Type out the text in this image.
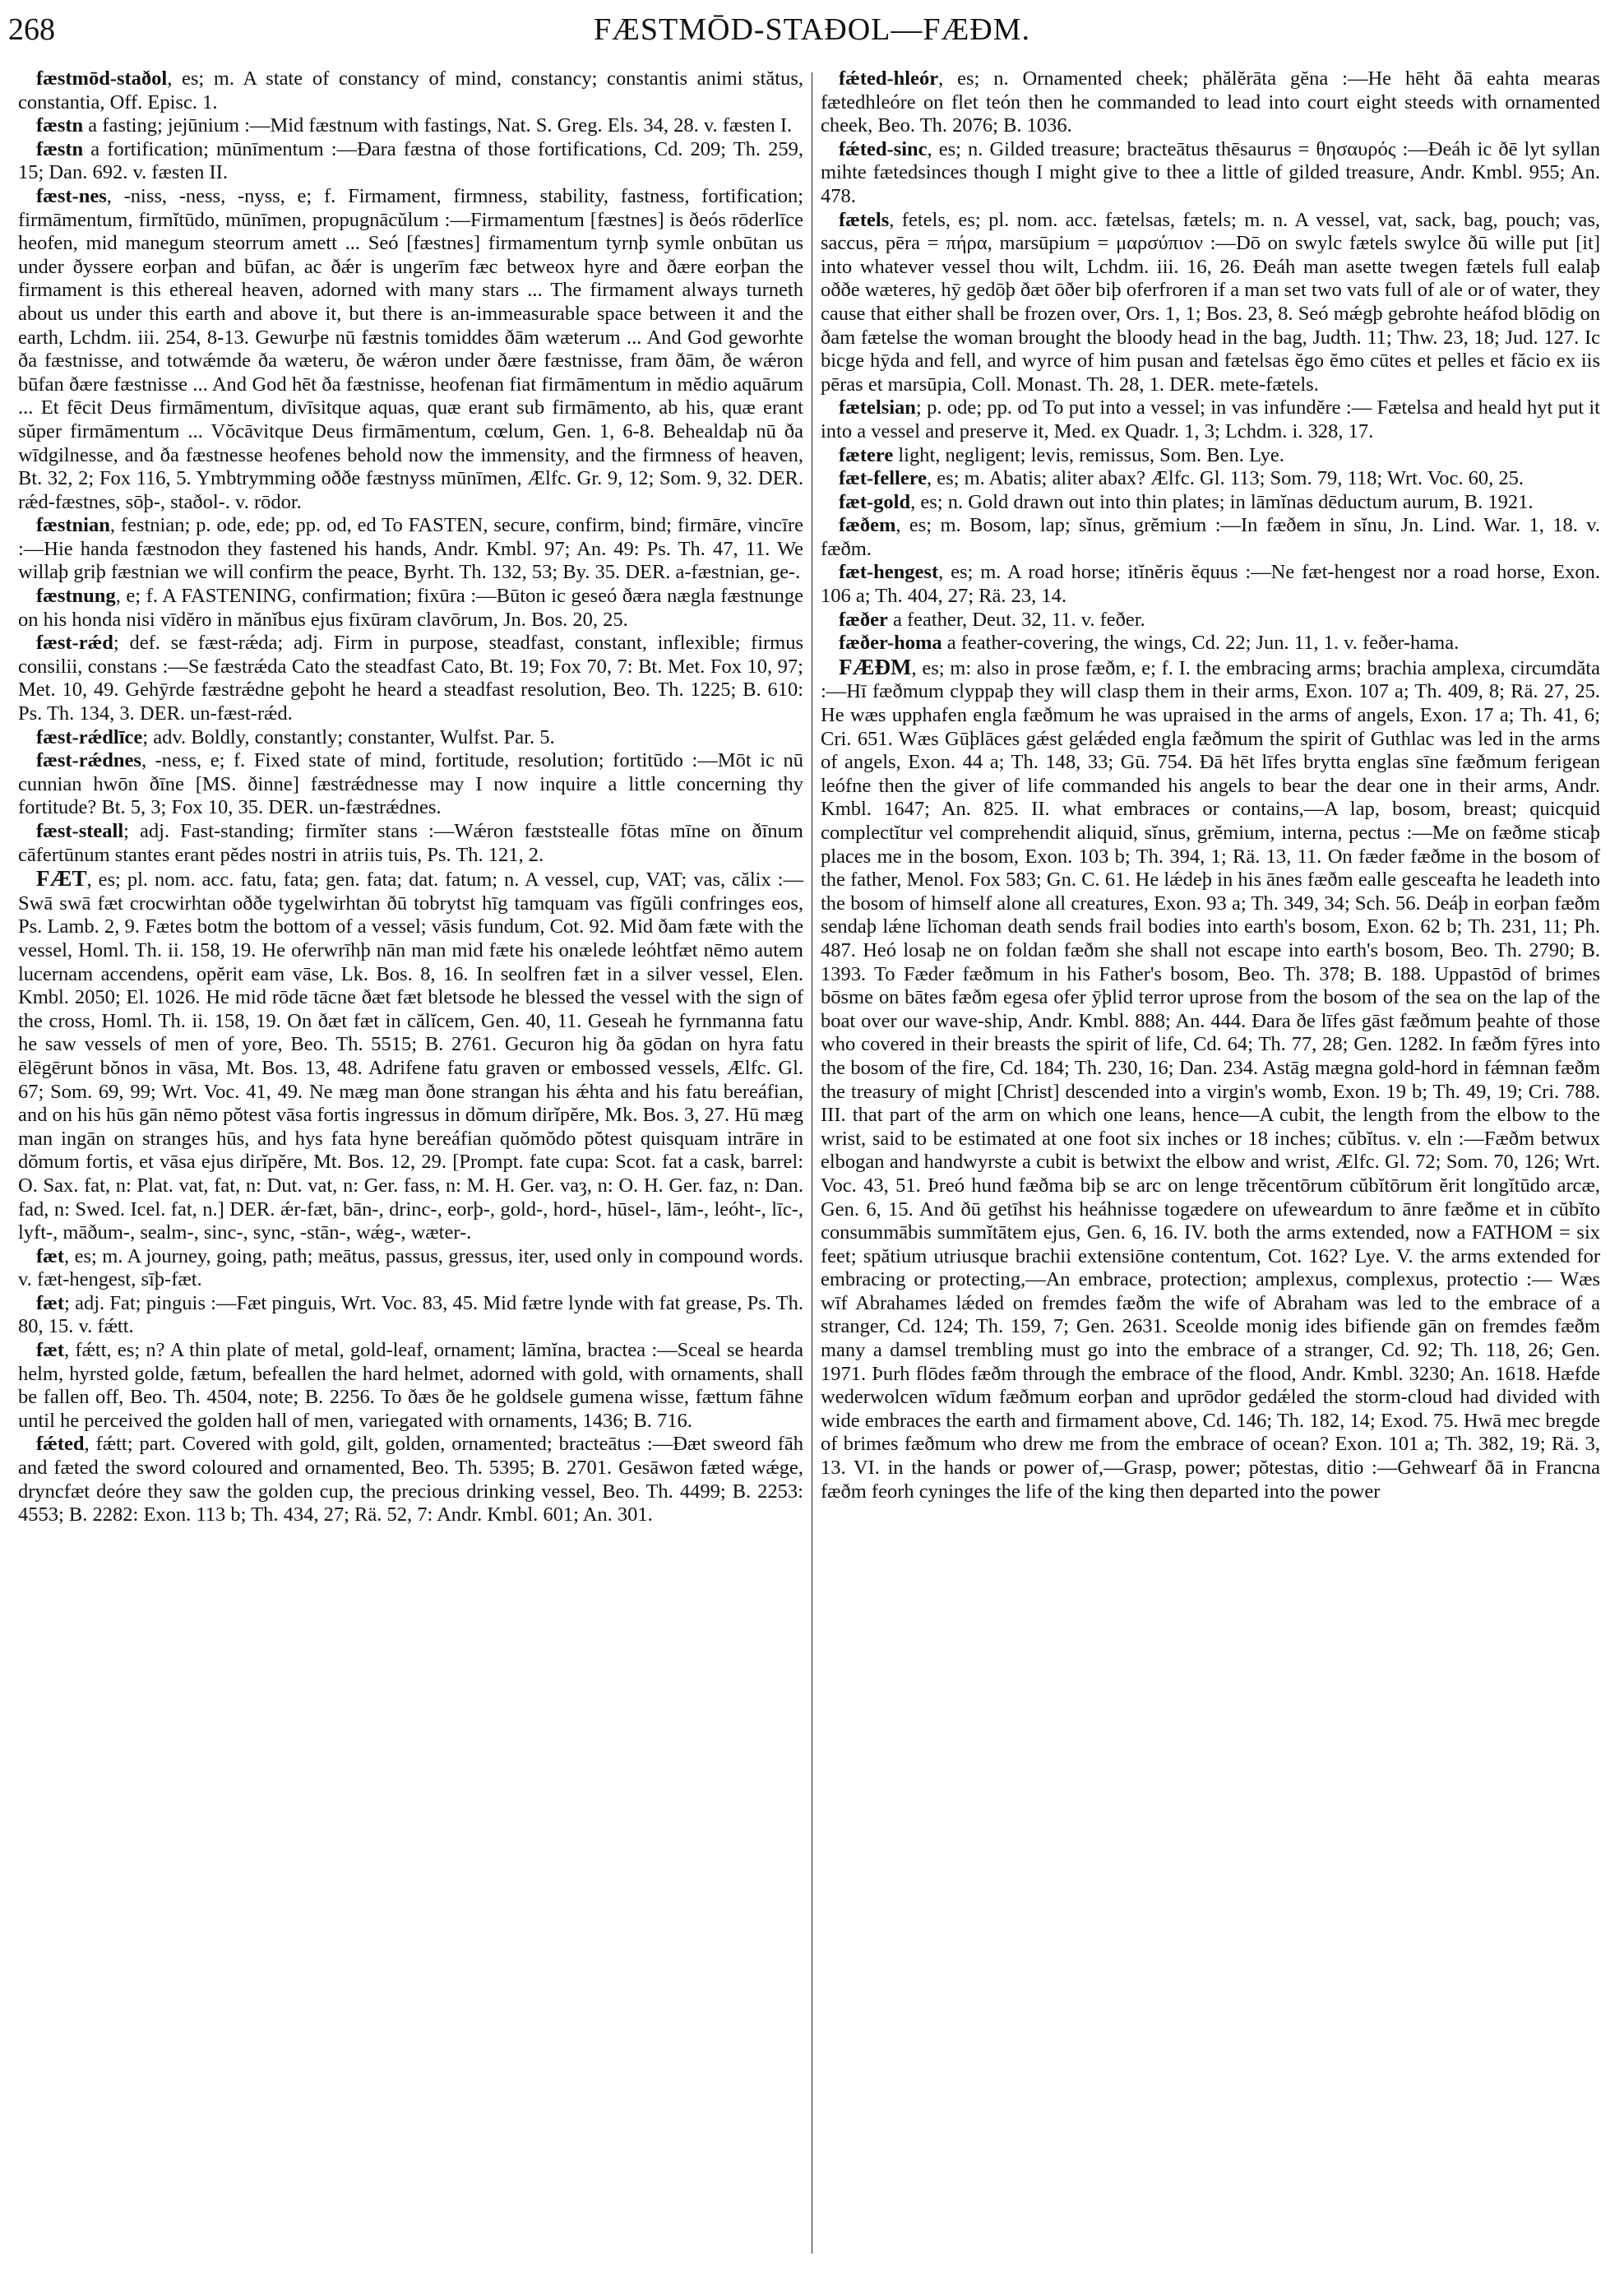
268	FÆSTMŌD-STAĐOL—FÆĐM.

fæstmōd-staðol, es; m. A state of constancy of mind, constancy; constantis animi stătus, constantia, Off. Episc. 1.

fæstn a fasting; jejūnium :—Mid fæstnum with fastings, Nat. S. Greg. Els. 34, 28. v. fæsten I.

fæstn a fortification; mūnīmentum :—Ðara fæstna of those fortifications, Cd. 209; Th. 259, 15; Dan. 692. v. fæsten II.

fæst-nes, -niss, -ness, -nyss, e; f. Firmament, firmness, stability, fastness, fortification; firmāmentum, firmĭtūdo, mūnīmen, propugnācŭlum :—Firmamentum [fæstnes] is ðeós rōderlīce heofen, mid manegum steorrum amett ... Seó [fæstnes] firmamentum tyrnþ symle onbūtan us under ðyssere eorþan and būfan, ac ðǽr is ungerīm fæc betweox hyre and ðære eorþan the firmament is this ethereal heaven, adorned with many stars ... The firmament always turneth about us under this earth and above it, but there is an-immeasurable space between it and the earth, Lchdm. iii. 254, 8-13. Gewurþe nū fæstnis tomiddes ðām wæterum ... And God geworhte ða fæstnisse, and totwǽmde ða wæteru, ðe wǽron under ðære fæstnisse, fram ðām, ðe wǽron būfan ðære fæstnisse ... And God hēt ða fæstnisse, heofenan fiat firmāmentum in mĕdio aquārum ... Et fēcit Deus firmāmentum, divīsitque aquas, quæ erant sub firmāmento, ab his, quæ erant sŭper firmāmentum ... Vŏcāvitque Deus firmāmentum, cœlum, Gen. 1, 6-8. Behealdaþ nū ða wīdgilnesse, and ða fæstnesse heofenes behold now the immensity, and the firmness of heaven, Bt. 32, 2; Fox 116, 5. Ymbtrymming oððe fæstnyss mūnīmen, Ælfc. Gr. 9, 12; Som. 9, 32. DER. rǽd-fæstnes, sōþ-, staðol-. v. rōdor.

fæstnian, festnian; p. ode, ede; pp. od, ed To FASTEN, secure, confirm, bind; firmāre, vincīre :—Hie handa fæstnodon they fastened his hands, Andr. Kmbl. 97; An. 49: Ps. Th. 47, 11. We willaþ griþ fæstnian we will confirm the peace, Byrht. Th. 132, 53; By. 35. DER. a-fæstnian, ge-.

fæstnung, e; f. A FASTENING, confirmation; fixūra :—Būton ic geseó ðæra nægla fæstnunge on his honda nisi vīdĕro in mănĭbus ejus fixūram clavōrum, Jn. Bos. 20, 25.

fæst-rǽd; def. se fæst-rǽda; adj. Firm in purpose, steadfast, constant, inflexible; firmus consilii, constans :—Se fæstrǽda Cato the steadfast Cato, Bt. 19; Fox 70, 7: Bt. Met. Fox 10, 97; Met. 10, 49. Gehȳrde fæstrǽdne geþoht he heard a steadfast resolution, Beo. Th. 1225; B. 610: Ps. Th. 134, 3. DER. un-fæst-rǽd.

fæst-rǽdlīce; adv. Boldly, constantly; constanter, Wulfst. Par. 5.

fæst-rǽdnes, -ness, e; f. Fixed state of mind, fortitude, resolution; fortitūdo :—Mōt ic nū cunnian hwōn ðīne [MS. ðinne] fæstrǽdnesse may I now inquire a little concerning thy fortitude? Bt. 5, 3; Fox 10, 35. DER. un-fæstrǽdnes.

fæst-steall; adj. Fast-standing; firmĭter stans :—Wǽron fæststealle fōtas mīne on ðīnum cāfertūnum stantes erant pĕdes nostri in atriis tuis, Ps. Th. 121, 2.

FÆT, es; pl. nom. acc. fatu, fata; gen. fata; dat. fatum; n. A vessel, cup, VAT; vas, călix :—Swā swā fæt crocwirhtan oððe tygelwirhtan ðū tobrytst hīg tamquam vas fĭgŭli confringes eos, Ps. Lamb. 2, 9. Fætes botm the bottom of a vessel; vāsis fundum, Cot. 92. Mid ðam fæte with the vessel, Homl. Th. ii. 158, 19. He oferwrīhþ nān man mid fæte his onælede leóhtfæt nēmo autem lucernam accendens, opĕrit eam vāse, Lk. Bos. 8, 16. In seolfren fæt in a silver vessel, Elen. Kmbl. 2050; El. 1026. He mid rōde tācne ðæt fæt bletsode he blessed the vessel with the sign of the cross, Homl. Th. ii. 158, 19. On ðæt fæt in călĭcem, Gen. 40, 11. Geseah he fyrnmanna fatu he saw vessels of men of yore, Beo. Th. 5515; B. 2761. Gecuron hig ða gōdan on hyra fatu ēlēgērunt bŏnos in vāsa, Mt. Bos. 13, 48. Adrifene fatu graven or embossed vessels, Ælfc. Gl. 67; Som. 69, 99; Wrt. Voc. 41, 49. Ne mæg man ðone strangan his ǽhta and his fatu bereáfian, and on his hūs gān nēmo pŏtest vāsa fortis ingressus in dŏmum dirĭpĕre, Mk. Bos. 3, 27. Hū mæg man ingān on stranges hūs, and hys fata hyne bereáfian quŏmŏdo pŏtest quisquam intrāre in dŏmum fortis, et vāsa ejus dirĭpĕre, Mt. Bos. 12, 29. [Prompt. fate cupa: Scot. fat a cask, barrel: O. Sax. fat, n: Plat. vat, fat, n: Dut. vat, n: Ger. fass, n: M. H. Ger. vaȝ, n: O. H. Ger. faz, n: Dan. fad, n: Swed. Icel. fat, n.] DER. ǽr-fæt, bān-, drinc-, eorþ-, gold-, hord-, hūsel-, lām-, leóht-, līc-, lyft-, māðum-, sealm-, sinc-, sync, -stān-, wǽg-, wæter-.

fæt, es; m. A journey, going, path; meātus, passus, gressus, iter, used only in compound words. v. fæt-hengest, sīþ-fæt.

fæt; adj. Fat; pinguis :—Fæt pinguis, Wrt. Voc. 83, 45. Mid fætre lynde with fat grease, Ps. Th. 80, 15. v. fǽtt.

fæt, fǽtt, es; n? A thin plate of metal, gold-leaf, ornament; lāmĭna, bractea :—Sceal se hearda helm, hyrsted golde, fætum, befeallen the hard helmet, adorned with gold, with ornaments, shall be fallen off, Beo. Th. 4504, note; B. 2256. To ðæs ðe he goldsele gumena wisse, fættum fāhne until he perceived the golden hall of men, variegated with ornaments, 1436; B. 716.

fǽted, fǽtt; part. Covered with gold, gilt, golden, ornamented; bracteātus :—Ðæt sweord fāh and fæted the sword coloured and ornamented, Beo. Th. 5395; B. 2701. Gesāwon fæted wǽge, dryncfæt deóre they saw the golden cup, the precious drinking vessel, Beo. Th. 4499; B. 2253: 4553; B. 2282: Exon. 113 b; Th. 434, 27; Rä. 52, 7: Andr. Kmbl. 601; An. 301.

fǽted-hleór, es; n. Ornamented cheek; phălĕrāta gĕna :—He hēht ðā eahta mearas fætedhleóre on flet teón then he commanded to lead into court eight steeds with ornamented cheek, Beo. Th. 2076; B. 1036.

fǽted-sinc, es; n. Gilded treasure; bracteātus thēsaurus = θησαυρός :—Ðeáh ic ðē lyt syllan mihte fætedsinces though I might give to thee a little of gilded treasure, Andr. Kmbl. 955; An. 478.

fætels, fetels, es; pl. nom. acc. fætelsas, fætels; m. n. A vessel, vat, sack, bag, pouch; vas, saccus, pēra = πήρα, marsūpium = μαρσύπιον :—Dō on swylc fætels swylce ðū wille put [it] into whatever vessel thou wilt, Lchdm. iii. 16, 26. Ðeáh man asette twegen fætels full ealaþ oððe wæteres, hȳ gedōþ ðæt ōðer biþ oferfroren if a man set two vats full of ale or of water, they cause that either shall be frozen over, Ors. 1, 1; Bos. 23, 8. Seó mǽgþ gebrohte heáfod blōdig on ðam fætelse the woman brought the bloody head in the bag, Judth. 11; Thw. 23, 18; Jud. 127. Ic bicge hȳda and fell, and wyrce of him pusan and fætelsas ĕgo ĕmo cūtes et pelles et făcio ex iis pēras et marsūpia, Coll. Monast. Th. 28, 1. DER. mete-fætels.

fætelsian; p. ode; pp. od To put into a vessel; in vas infundĕre :— Fætelsa and heald hyt put it into a vessel and preserve it, Med. ex Quadr. 1, 3; Lchdm. i. 328, 17.

fætere light, negligent; levis, remissus, Som. Ben. Lye.

fæt-fellere, es; m. Abatis; aliter abax? Ælfc. Gl. 113; Som. 79, 118; Wrt. Voc. 60, 25.

fæt-gold, es; n. Gold drawn out into thin plates; in lāmĭnas dēductum aurum, B. 1921.

fæðem, es; m. Bosom, lap; sĭnus, grĕmium :—In fæðem in sĭnu, Jn. Lind. War. 1, 18. v. fæðm.

fæt-hengest, es; m. A road horse; itĭnĕris ĕquus :—Ne fæt-hengest nor a road horse, Exon. 106 a; Th. 404, 27; Rä. 23, 14.

fæðer a feather, Deut. 32, 11. v. feðer.

fæðer-homa a feather-covering, the wings, Cd. 22; Jun. 11, 1. v. feðer-hama.

FÆÐM, es; m: also in prose fæðm, e; f. I. the embracing arms; brachia amplexa, circumdăta :—Hī fæðmum clyppaþ they will clasp them in their arms, Exon. 107 a; Th. 409, 8; Rä. 27, 25. He wæs upphafen engla fæðmum he was upraised in the arms of angels, Exon. 17 a; Th. 41, 6; Cri. 651. Wæs Gūþlāces gǽst gelǽded engla fæðmum the spirit of Guthlac was led in the arms of angels, Exon. 44 a; Th. 148, 33; Gū. 754. Ðā hēt līfes brytta englas sīne fæðmum ferigean leófne then the giver of life commanded his angels to bear the dear one in their arms, Andr. Kmbl. 1647; An. 825. II. what embraces or contains,—A lap, bosom, breast; quicquid complectĭtur vel comprehendit aliquid, sĭnus, grĕmium, interna, pectus :—Me on fæðme sticaþ places me in the bosom, Exon. 103 b; Th. 394, 1; Rä. 13, 11. On fæder fæðme in the bosom of the father, Menol. Fox 583; Gn. C. 61. He lǽdeþ in his ānes fæðm ealle gesceafta he leadeth into the bosom of himself alone all creatures, Exon. 93 a; Th. 349, 34; Sch. 56. Deáþ in eorþan fæðm sendaþ lǽne līchoman death sends frail bodies into earth's bosom, Exon. 62 b; Th. 231, 11; Ph. 487. Heó losaþ ne on foldan fæðm she shall not escape into earth's bosom, Beo. Th. 2790; B. 1393. To Fæder fæðmum in his Father's bosom, Beo. Th. 378; B. 188. Uppastōd of brimes bōsme on bātes fæðm egesa ofer ȳþlid terror uprose from the bosom of the sea on the lap of the boat over our wave-ship, Andr. Kmbl. 888; An. 444. Ðara ðe līfes gāst fæðmum þeahte of those who covered in their breasts the spirit of life, Cd. 64; Th. 77, 28; Gen. 1282. In fæðm fȳres into the bosom of the fire, Cd. 184; Th. 230, 16; Dan. 234. Astāg mægna gold-hord in fǽmnan fæðm the treasury of might [Christ] descended into a virgin's womb, Exon. 19 b; Th. 49, 19; Cri. 788. III. that part of the arm on which one leans, hence—A cubit, the length from the elbow to the wrist, said to be estimated at one foot six inches or 18 inches; cŭbĭtus. v. eln :—Fæðm betwux elbogan and handwyrste a cubit is betwixt the elbow and wrist, Ælfc. Gl. 72; Som. 70, 126; Wrt. Voc. 43, 51. Þreó hund fæðma biþ se arc on lenge trĕcentōrum cŭbĭtōrum ĕrit longĭtūdo arcæ, Gen. 6, 15. And ðū getīhst his heáhnisse togædere on ufeweardum to ānre fæðme et in cŭbĭto consummābis summĭtātem ejus, Gen. 6, 16. IV. both the arms extended, now a FATHOM = six feet; spătium utriusque brachii extensiōne contentum, Cot. 162? Lye. V. the arms extended for embracing or protecting,—An embrace, protection; amplexus, complexus, protectio :— Wæs wīf Abrahames lǽded on fremdes fæðm the wife of Abraham was led to the embrace of a stranger, Cd. 124; Th. 159, 7; Gen. 2631. Sceolde monig ides bifiende gān on fremdes fæðm many a damsel trembling must go into the embrace of a stranger, Cd. 92; Th. 118, 26; Gen. 1971. Þurh flōdes fæðm through the embrace of the flood, Andr. Kmbl. 3230; An. 1618. Hæfde wederwolcen wīdum fæðmum eorþan and uprōdor gedǽled the storm-cloud had divided with wide embraces the earth and firmament above, Cd. 146; Th. 182, 14; Exod. 75. Hwā mec bregde of brimes fæðmum who drew me from the embrace of ocean? Exon. 101 a; Th. 382, 19; Rä. 3, 13. VI. in the hands or power of,—Grasp, power; pŏtestas, ditio :—Gehwearf ðā in Francna fæðm feorh cyninges the life of the king then departed into the power
